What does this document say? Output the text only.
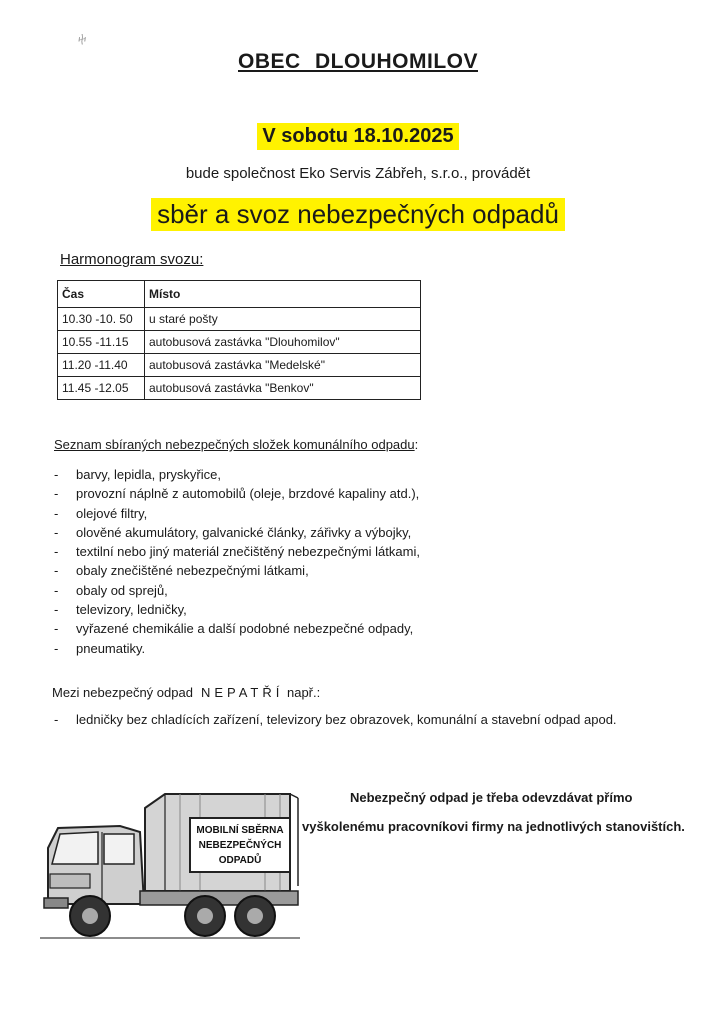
ⴕ
OBEC DLOUHOMILOV
V sobotu 18.10.2025
bude společnost Eko Servis Zábřeh, s.r.o., provádět
sběr a svoz nebezpečných odpadů
Harmonogram svozu:
Čas	Místo
10.30 -10. 50	u staré pošty
10.55 -11.15	autobusová zastávka "Dlouhomilov"
11.20 -11.40	autobusová zastávka "Medelské"
11.45 -12.05	autobusová zastávka "Benkov"
Seznam sbíraných nebezpečných složek komunálního odpadu:
- barvy, lepidla, pryskyřice,
- provozní náplně z automobilů (oleje, brzdové kapaliny atd.),
- olejové filtry,
- olověné akumulátory, galvanické články, zářivky a výbojky,
- textilní nebo jiný materiál znečištěný nebezpečnými látkami,
- obaly znečištěné nebezpečnými látkami,
- obaly od sprejů,
- televizory, ledničky,
- vyřazené chemikálie a další podobné nebezpečné odpady,
- pneumatiky.
Mezi nebezpečný odpad NEPATŘÍ např.:
- ledničky bez chladících zařízení, televizory bez obrazovek, komunální a stavební odpad apod.
Nebezpečný odpad je třeba odevzdávat přímo
vyškolenému pracovníkovi firmy na jednotlivých stanovištích.
MOBILNÍ SBĚRNA
NEBEZPEČNÝCH
ODPADŮ
